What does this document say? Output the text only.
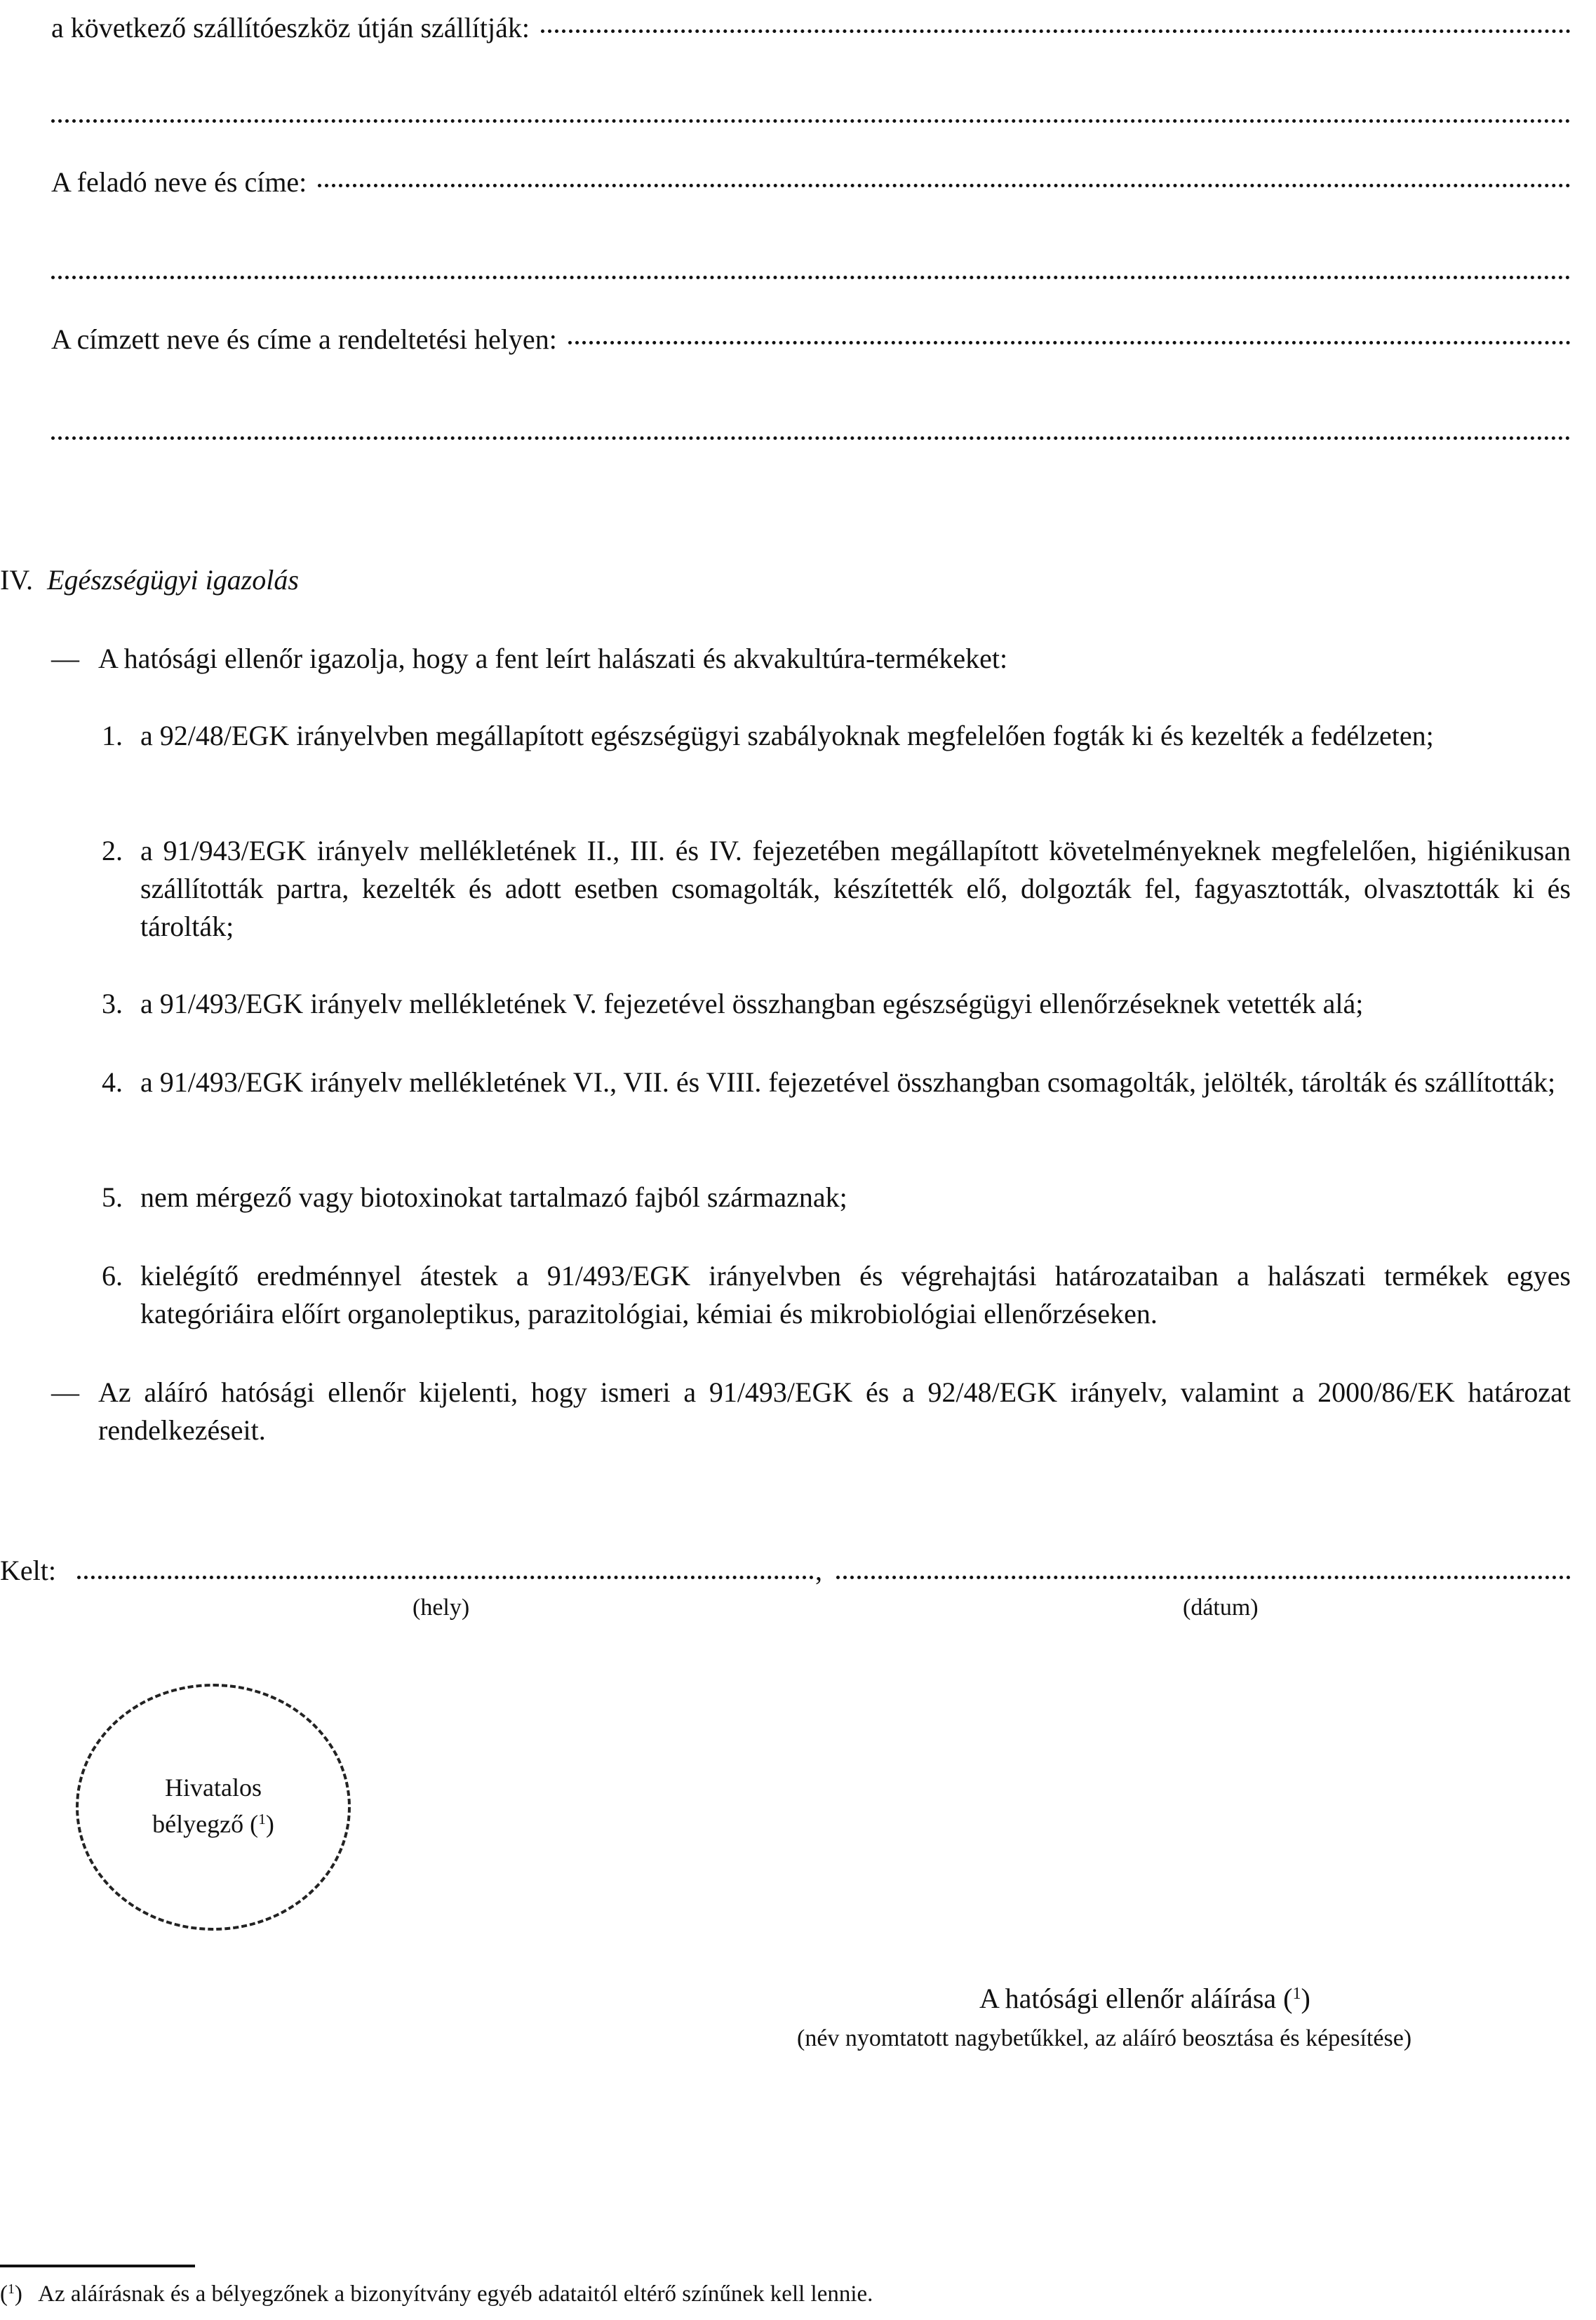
a következő szállítóeszköz útján szállítják:
A feladó neve és címe:
A címzett neve és címe a rendeltetési helyen:
IV. Egészségügyi igazolás
— A hatósági ellenőr igazolja, hogy a fent leírt halászati és akvakultúra-termékeket:
1. a 92/48/EGK irányelvben megállapított egészségügyi szabályoknak megfelelően fogták ki és kezelték a fedélzeten;
2. a 91/943/EGK irányelv mellékletének II., III. és IV. fejezetében megállapított követelményeknek megfelelően, higiénikusan szállították partra, kezelték és adott esetben csomagolták, készítették elő, dolgozták fel, fagyasztották, olvasztották ki és tárolták;
3. a 91/493/EGK irányelv mellékletének V. fejezetével összhangban egészségügyi ellenőrzéseknek vetették alá;
4. a 91/493/EGK irányelv mellékletének VI., VII. és VIII. fejezetével összhangban csomagolták, jelölték, tárolták és szállították;
5. nem mérgező vagy biotoxinokat tartalmazó fajból származnak;
6. kielégítő eredménnyel átestek a 91/493/EGK irányelvben és végrehajtási határozataiban a halászati termékek egyes kategóriáira előírt organoleptikus, parazitológiai, kémiai és mikrobiológiai ellenőrzéseken.
— Az aláíró hatósági ellenőr kijelenti, hogy ismeri a 91/493/EGK és a 92/48/EGK irányelv, valamint a 2000/86/EK határozat rendelkezéseit.
Kelt:	,
(hely)	(dátum)
Hivatalos
bélyegző ($^1$)
A hatósági ellenőr aláírása ($^1$)
(név nyomtatott nagybetűkkel, az aláíró beosztása és képesítése)
($^1$) Az aláírásnak és a bélyegzőnek a bizonyítvány egyéb adataitól eltérő színűnek kell lennie.
